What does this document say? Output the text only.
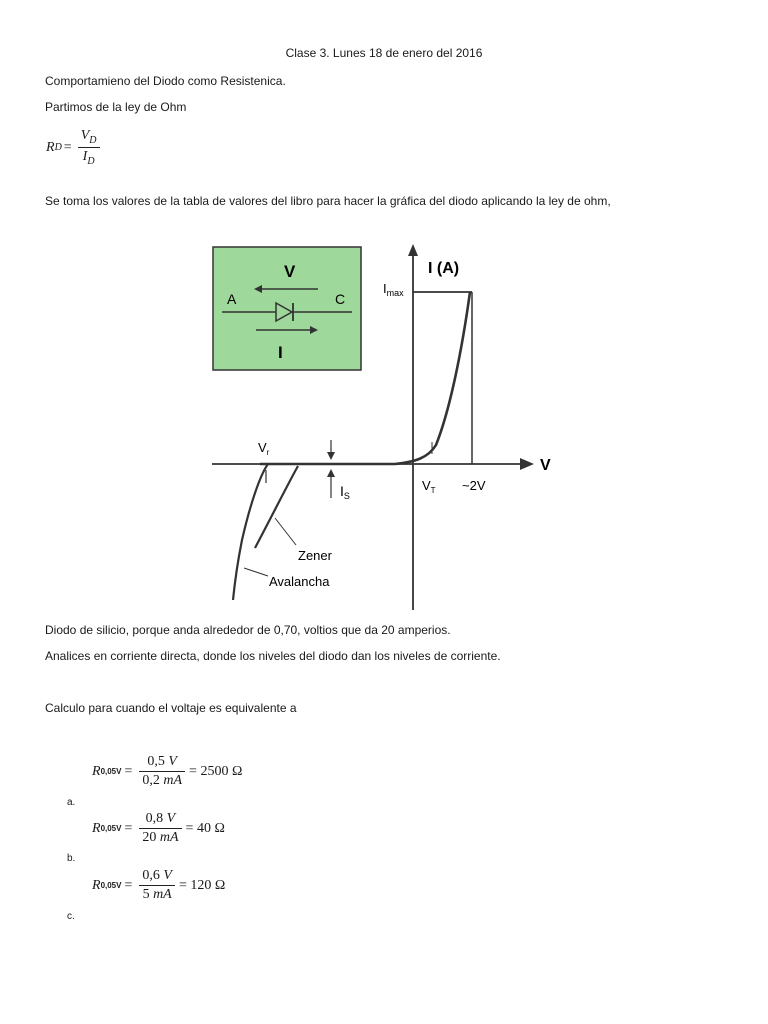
Clase 3. Lunes 18 de enero del 2016
Comportamieno del Diodo como Resistenica.
Partimos de la ley de Ohm
R $D = \frac{V_D}{I_D}$
Se toma los valores de la tabla de valores del libro para hacer la gráfica del diodo aplicando la ley de ohm,
V
A	C
I
I (A)
V
$I_{max}$
$V_T$ ~2V
$V_r$
$I_S$
Zener
Avalancha
Diodo de silicio, porque anda alrededor de 0,70, voltios que da 20 amperios.
Analices en corriente directa, donde los niveles del diodo dan los niveles de corriente.
Calculo para cuando el voltaje es equivalente a
R $0,05V = \frac{0,5 V}{0,2 mA} = 2500$ Ω
a.
R $0,05V = \frac{0,8 V}{20 mA} = 40$ Ω
b.
R $0,05V = \frac{0,6 V}{5 mA} = 120$ Ω
c.
